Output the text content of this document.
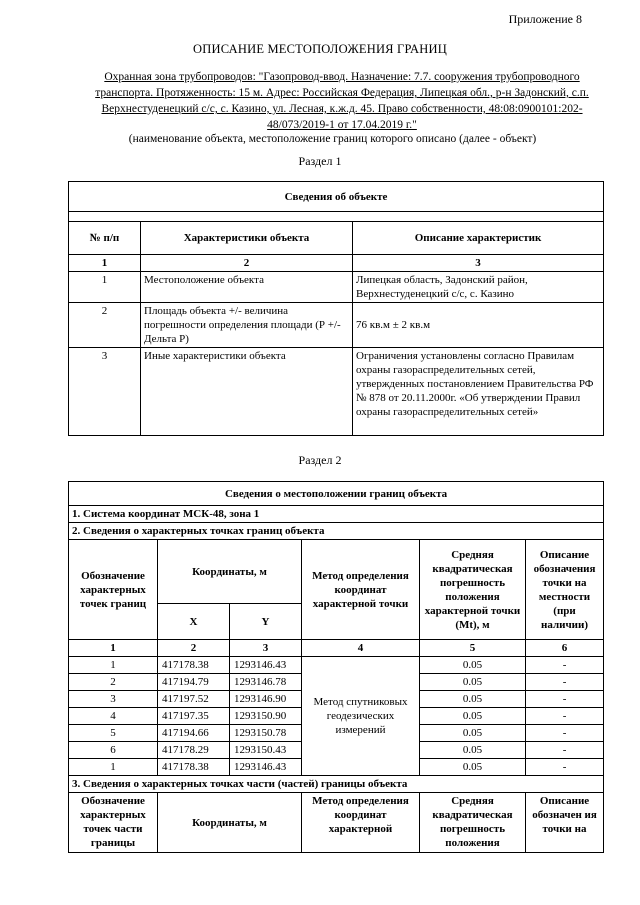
Приложение 8
ОПИСАНИЕ МЕСТОПОЛОЖЕНИЯ ГРАНИЦ
Охранная зона трубопроводов: "Газопровод-ввод. Назначение: 7.7. сооружения трубопроводного
транспорта. Протяженность: 15 м. Адрес: Российская Федерация, Липецкая обл., р-н Задонский, с.п.
Верхнестуденецкий с/с, с. Казино, ул. Лесная, к.ж.д. 45. Право собственности, 48:08:0900101:202-
48/073/2019-1 от 17.04.2019 г."
(наименование объекта, местоположение границ которого описано (далее - объект)
Раздел 1
Сведения об объекте		

№ п/п	Характеристики объекта	Описание характеристик
1	2	3
1	Местоположение объекта	Липецкая область, Задонский район, Верхнестуденецкий с/с, с. Казино
2	Площадь объекта +/- величина погрешности определения площади (Р +/- Дельта Р)	76 кв.м ± 2 кв.м
3	Иные характеристики объекта	Ограничения установлены согласно Правилам охраны газораспределительных сетей, утвержденных постановлением Правительства РФ № 878 от 20.11.2000г. «Об утверждении Правил охраны газораспределительных сетей»
Раздел 2
Сведения о местоположении границ объекта					
1. Система координат МСК-48, зона 1					
2. Сведения о характерных точках границ объекта					
Обозначение характерных точек границ	Координаты, м		Метод определения координат характерной точки	Средняя квадратическая погрешность положения характерной точки (Mt), м	Описание обозначения точки на местности (при наличии)
	X	Y			
1	2	3	4	5	6
1	417178.38	1293146.43	Метод спутниковых геодезических измерений	0.05	-
2	417194.79	1293146.78		0.05	-
3	417197.52	1293146.90		0.05	-
4	417197.35	1293150.90		0.05	-
5	417194.66	1293150.78		0.05	-
6	417178.29	1293150.43		0.05	-
1	417178.38	1293146.43		0.05	-
3. Сведения о характерных точках части (частей) границы объекта					
Обозначение характерных точек части границы	Координаты, м		Метод определения координат характерной	Средняя квадратическая погрешность положения	Описание обозначен ия точки на
